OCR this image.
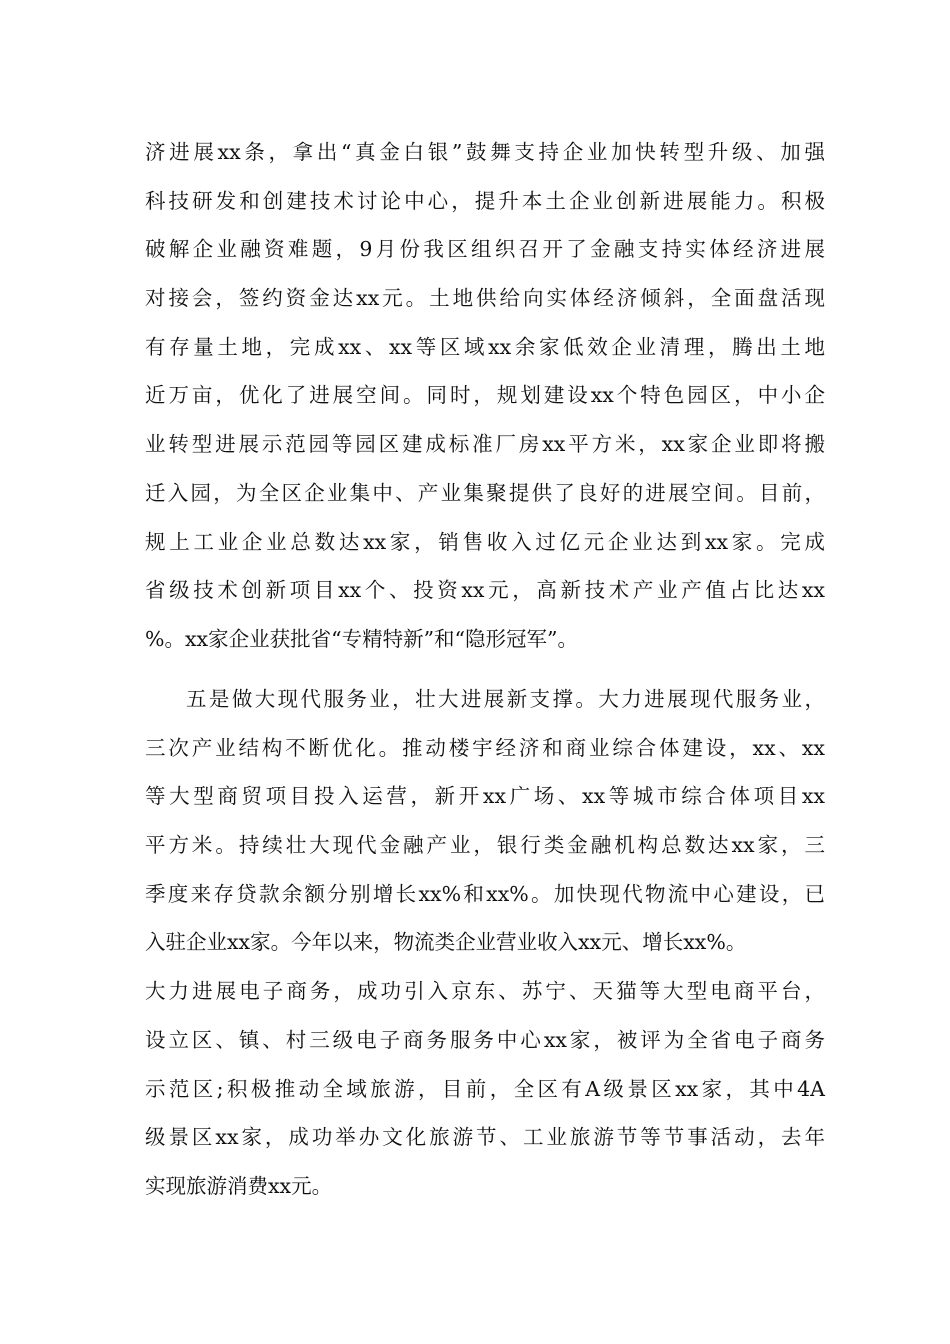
济进展xx条，拿出“真金白银”鼓舞支持企业加快转型升级、加强
科技研发和创建技术讨论中心，提升本土企业创新进展能力。积极
破解企业融资难题，9月份我区组织召开了金融支持实体经济进展
对接会，签约资金达xx元。土地供给向实体经济倾斜，全面盘活现
有存量土地，完成xx、xx等区域xx余家低效企业清理，腾出土地
近万亩，优化了进展空间。同时，规划建设xx个特色园区，中小企
业转型进展示范园等园区建成标准厂房xx平方米，xx家企业即将搬
迁入园，为全区企业集中、产业集聚提供了良好的进展空间。目前，
规上工业企业总数达xx家，销售收入过亿元企业达到xx家。完成
省级技术创新项目xx个、投资xx元，高新技术产业产值占比达xx
%。xx家企业获批省“专精特新”和“隐形冠军”。
五是做大现代服务业，壮大进展新支撑。大力进展现代服务业，
三次产业结构不断优化。推动楼宇经济和商业综合体建设，xx、xx
等大型商贸项目投入运营，新开xx广场、xx等城市综合体项目xx
平方米。持续壮大现代金融产业，银行类金融机构总数达xx家，三
季度来存贷款余额分别增长xx%和xx%。加快现代物流中心建设，已
入驻企业xx家。今年以来，物流类企业营业收入xx元、增长xx%。
大力进展电子商务，成功引入京东、苏宁、天猫等大型电商平台，
设立区、镇、村三级电子商务服务中心xx家，被评为全省电子商务
示范区;积极推动全域旅游，目前，全区有A级景区xx家，其中4A
级景区xx家，成功举办文化旅游节、工业旅游节等节事活动，去年
实现旅游消费xx元。
